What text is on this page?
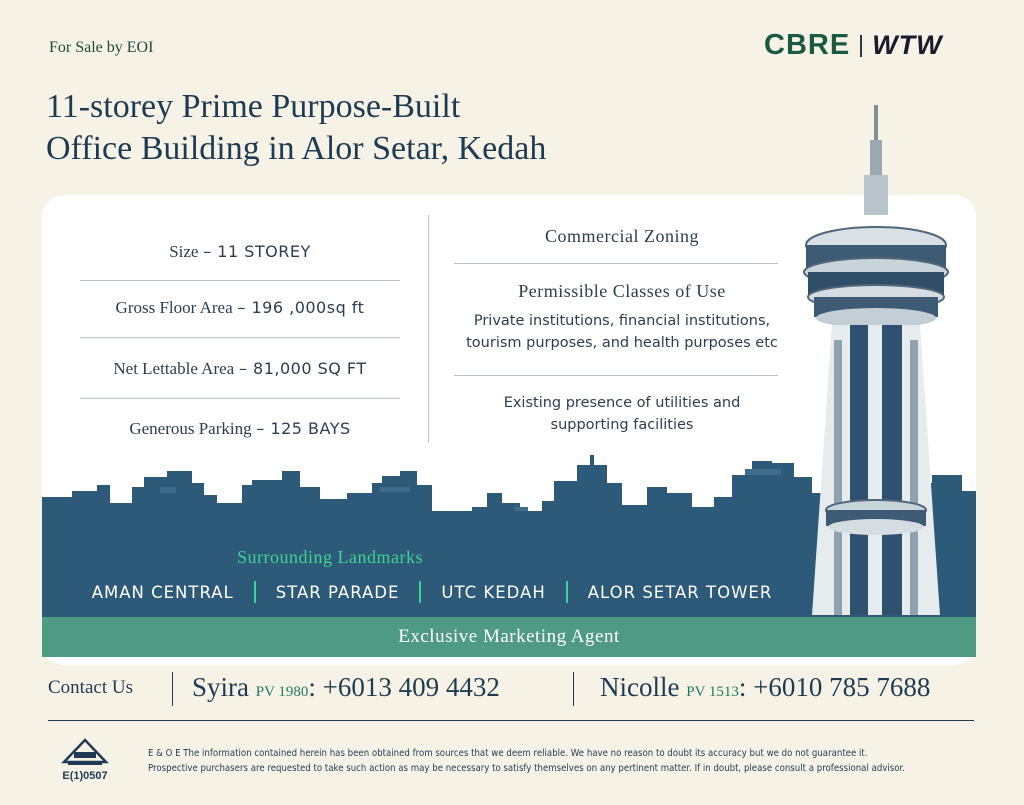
For Sale by EOI	CBRE WTW
11-storey Prime Purpose-Built
Office Building in Alor Setar, Kedah
Size – 11 STOREY
Gross Floor Area – 196 ,000sq ft
Net Lettable Area – 81,000 SQ FT
Generous Parking – 125 BAYS
Commercial Zoning
Permissible Classes of Use
Private institutions, financial institutions,
tourism purposes, and health purposes etc
Existing presence of utilities and
supporting facilities
Surrounding Landmarks
AMAN CENTRAL	STAR PARADE	UTC KEDAH	ALOR SETAR TOWER
Exclusive Marketing Agent
Contact Us Syira PV 1980: +6013 409 4432	Nicolle PV 1513: +6010 785 7688
E(1)0507
E & O E The information contained herein has been obtained from sources that we deem reliable. We have no reason to doubt its accuracy but we do not guarantee it.
Prospective purchasers are requested to take such action as may be necessary to satisfy themselves on any pertinent matter. If in doubt, please consult a professional advisor.
